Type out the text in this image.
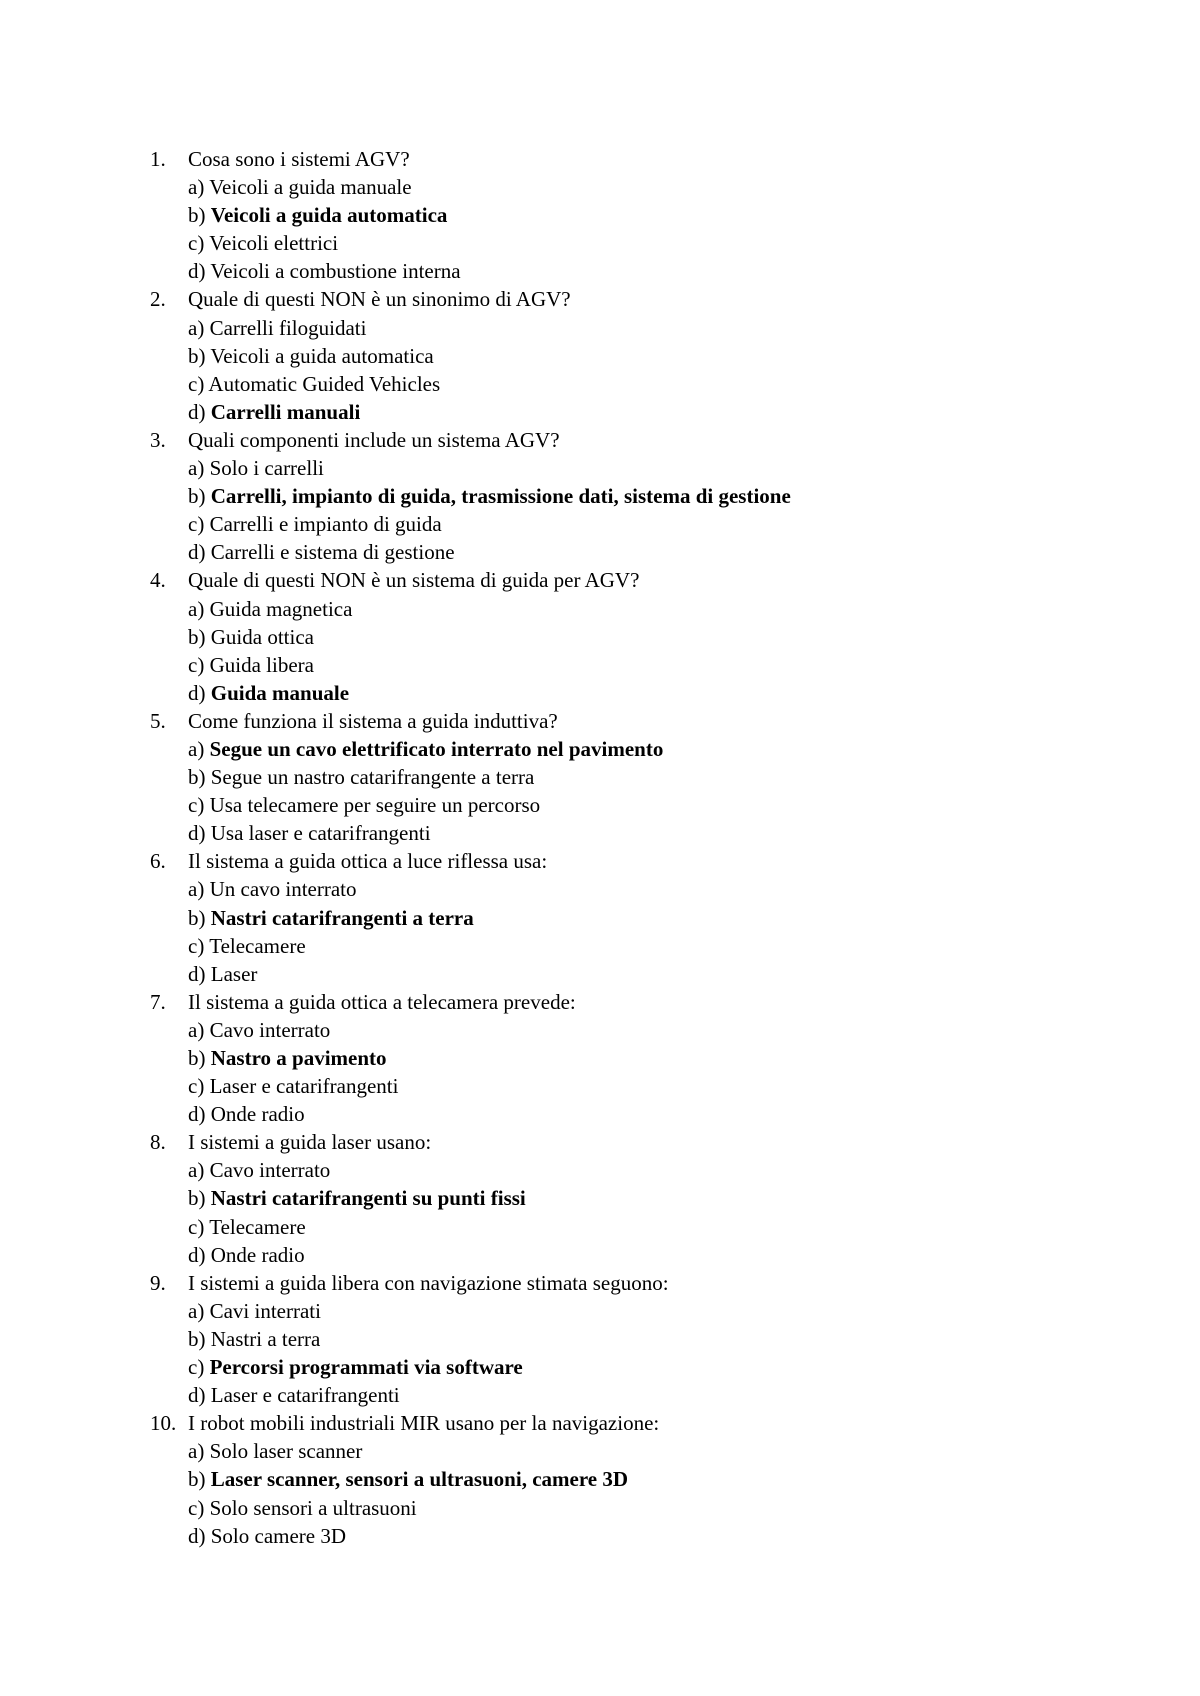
1. Cosa sono i sistemi AGV?
a) Veicoli a guida manuale
b) Veicoli a guida automatica
c) Veicoli elettrici
d) Veicoli a combustione interna
2. Quale di questi NON è un sinonimo di AGV?
a) Carrelli filoguidati
b) Veicoli a guida automatica
c) Automatic Guided Vehicles
d) Carrelli manuali
3. Quali componenti include un sistema AGV?
a) Solo i carrelli
b) Carrelli, impianto di guida, trasmissione dati, sistema di gestione
c) Carrelli e impianto di guida
d) Carrelli e sistema di gestione
4. Quale di questi NON è un sistema di guida per AGV?
a) Guida magnetica
b) Guida ottica
c) Guida libera
d) Guida manuale
5. Come funziona il sistema a guida induttiva?
a) Segue un cavo elettrificato interrato nel pavimento
b) Segue un nastro catarifrangente a terra
c) Usa telecamere per seguire un percorso
d) Usa laser e catarifrangenti
6. Il sistema a guida ottica a luce riflessa usa:
a) Un cavo interrato
b) Nastri catarifrangenti a terra
c) Telecamere
d) Laser
7. Il sistema a guida ottica a telecamera prevede:
a) Cavo interrato
b) Nastro a pavimento
c) Laser e catarifrangenti
d) Onde radio
8. I sistemi a guida laser usano:
a) Cavo interrato
b) Nastri catarifrangenti su punti fissi
c) Telecamere
d) Onde radio
9. I sistemi a guida libera con navigazione stimata seguono:
a) Cavi interrati
b) Nastri a terra
c) Percorsi programmati via software
d) Laser e catarifrangenti
10. I robot mobili industriali MIR usano per la navigazione:
a) Solo laser scanner
b) Laser scanner, sensori a ultrasuoni, camere 3D
c) Solo sensori a ultrasuoni
d) Solo camere 3D
